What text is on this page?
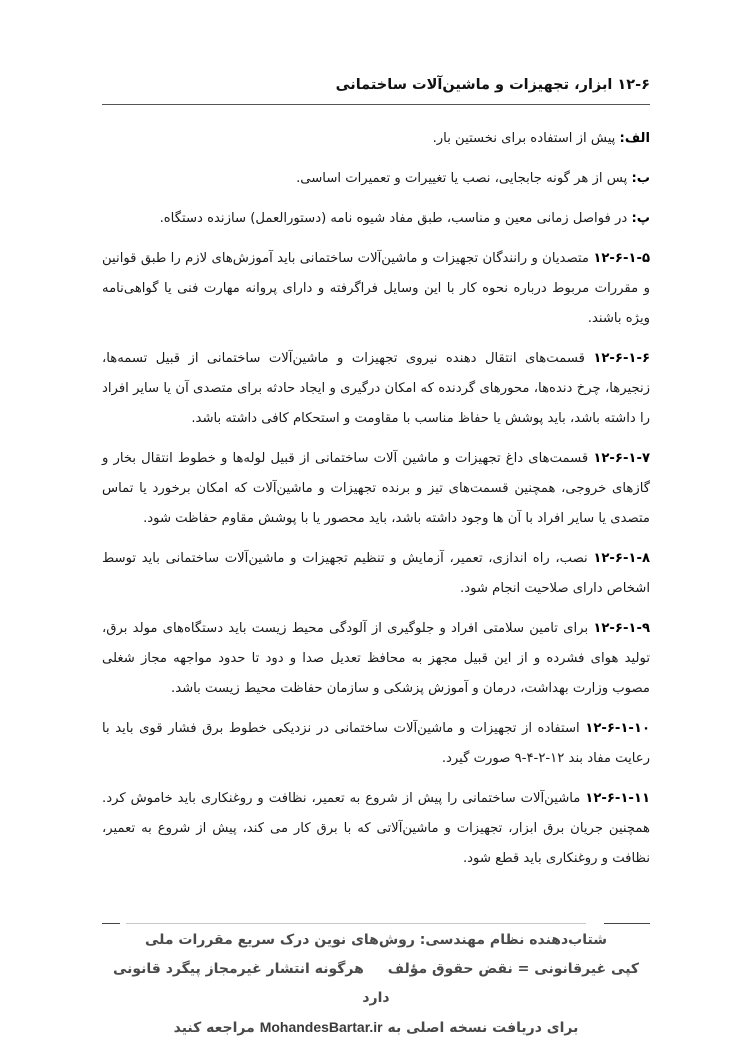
۱۲-۶ ابزار، تجهیزات و ماشین‌آلات ساختمانی

الف: پیش از استفاده برای نخستین بار.

ب: پس از هر گونه جابجایی، نصب یا تغییرات و تعمیرات اساسی.

پ: در فواصل زمانی معین و مناسب، طبق مفاد شیوه نامه (دستورالعمل) سازنده دستگاه.

۱۲-۶-۱-۵ متصدیان و رانندگان تجهیزات و ماشین‌آلات ساختمانی باید آموزش‌های لازم را طبق قوانین و مقررات مربوط درباره نحوه کار با این وسایل فراگرفته و دارای پروانه مهارت فنی یا گواهی‌نامه ویژه باشند.

۱۲-۶-۱-۶ قسمت‌های انتقال دهنده نیروی تجهیزات و ماشین‌آلات ساختمانی از قبیل تسمه‌ها، زنجیرها، چرخ دنده‌ها، محورهای گردنده که امکان درگیری و ایجاد حادثه برای متصدی آن یا سایر افراد را داشته باشد، باید پوشش یا حفاظ مناسب با مقاومت و استحکام کافی داشته باشد.

۱۲-۶-۱-۷ قسمت‌های داغ تجهیزات و ماشین آلات ساختمانی از قبیل لوله‌ها و خطوط انتقال بخار و گازهای خروجی، همچنین قسمت‌های تیز و برنده تجهیزات و ماشین‌آلات که امکان برخورد یا تماس متصدی یا سایر افراد با آن ها وجود داشته باشد، باید محصور یا با پوشش مقاوم حفاظت شود.

۱۲-۶-۱-۸ نصب، راه اندازی، تعمیر، آزمایش و تنظیم تجهیزات و ماشین‌آلات ساختمانی باید توسط اشخاص دارای صلاحیت انجام شود.

۱۲-۶-۱-۹ برای تامین سلامتی افراد و جلوگیری از آلودگی محیط زیست باید دستگاه‌های مولد برق، تولید هوای فشرده و از این قبیل مجهز به محافظ تعدیل صدا و دود تا حدود مواجهه مجاز شغلی مصوب وزارت بهداشت، درمان و آموزش پزشکی و سازمان حفاظت محیط زیست باشد.

۱۲-۶-۱-۱۰ استفاده از تجهیزات و ماشین‌آلات ساختمانی در نزدیکی خطوط برق فشار قوی باید با رعایت مفاد بند ۱۲-۲-۴-۹ صورت گیرد.

۱۲-۶-۱-۱۱ ماشین‌آلات ساختمانی را پیش از شروع به تعمیر، نظافت و روغنکاری باید خاموش کرد. همچنین جریان برق ابزار، تجهیزات و ماشین‌آلاتی که با برق کار می کند، پیش از شروع به تعمیر، نظافت و روغنکاری باید قطع شود.

شتاب‌دهنده نظام مهندسی: روش‌های نوین درک سریع مقررات ملی
کپی غیرقانونی = نقض حقوق مؤلفهرگونه انتشار غیرمجاز پیگرد قانونی دارد
برای دریافت نسخه اصلی به MohandesBartar.ir مراجعه کنید
